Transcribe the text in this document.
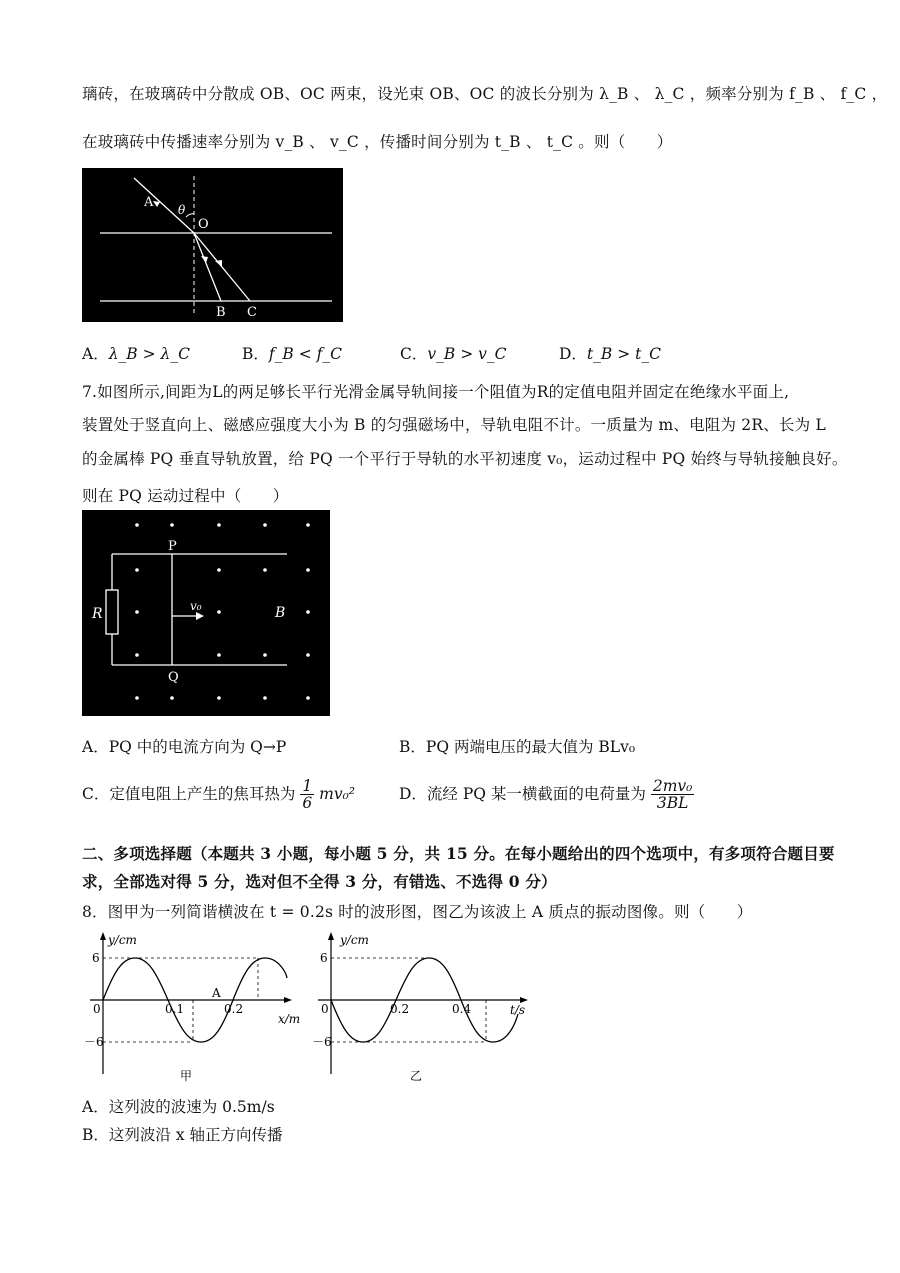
璃砖，在玻璃砖中分散成 OB、OC 两束，设光束 OB、OC 的波长分别为 λ_B 、 λ_C ，频率分别为 f_B 、 f_C ，
在玻璃砖中传播速率分别为 v_B 、 v_C ，传播时间分别为 t_B 、 t_C 。则（　　）
A
O
θ
B C
A．λ_B > λ_C	B．f_B < f_C	C．v_B > v_C	D．t_B > t_C
7.如图所示,间距为L的两足够长平行光滑金属导轨间接一个阻值为R的定值电阻并固定在绝缘水平面上,
装置处于竖直向上、磁感应强度大小为 B 的匀强磁场中，导轨电阻不计。一质量为 m、电阻为 2R、长为 L
的金属棒 PQ 垂直导轨放置，给 PQ 一个平行于导轨的水平初速度 v₀，运动过程中 PQ 始终与导轨接触良好。
则在 PQ 运动过程中（　　）
P
Q
R	v₀	B
A．PQ 中的电流方向为 Q→P	B．PQ 两端电压的最大值为 BLv₀
C．定值电阻上产生的焦耳热为 $\frac{1}{6} mv_0^2$	D．流经 PQ 某一横截面的电荷量为 $\frac{\text{2mv₀}}{3BL}$
二、多项选择题（本题共 3 小题，每小题 5 分，共 15 分。在每小题给出的四个选项中，有多项符合题目要
求，全部选对得 5 分，选对但不全得 3 分，有错选、不选得 0 分）
8．图甲为一列简谐横波在 t = 0.2s 时的波形图，图乙为该波上 A 质点的振动图像。则（　　）
y/cm
6
－6
0	0.1	0.2
A
x/m
甲
y/cm
6
－6
0	0.2	0.4	t/s
乙
A．这列波的波速为 0.5m/s
B．这列波沿 x 轴正方向传播
